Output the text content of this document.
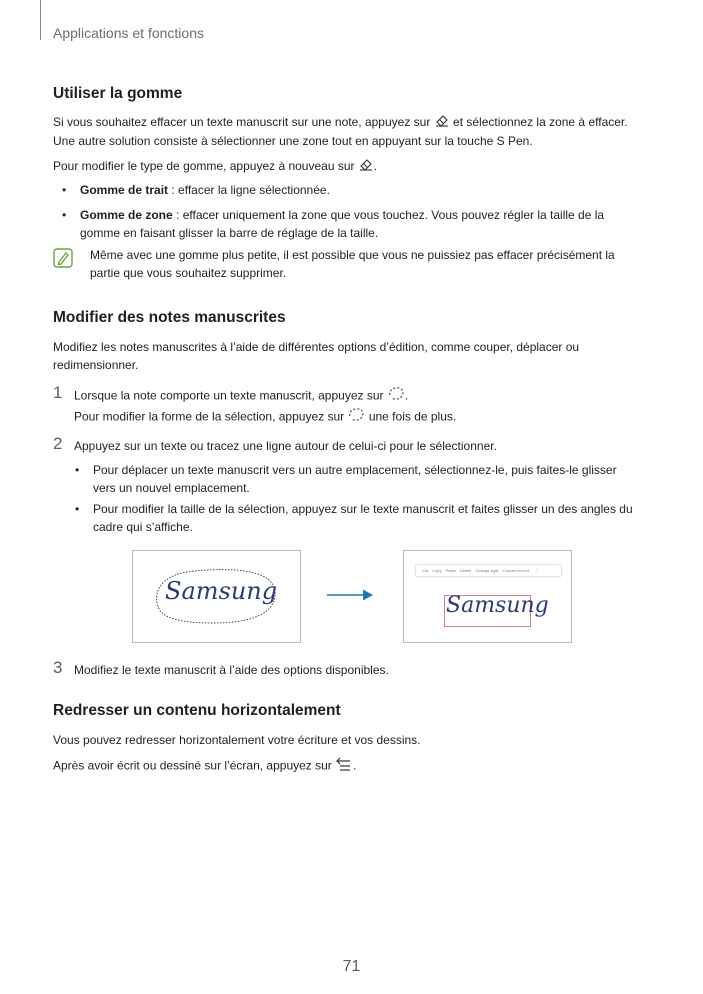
Applications et fonctions
Utiliser la gomme
Si vous souhaitez effacer un texte manuscrit sur une note, appuyez sur et sélectionnez la zone à effacer.
Une autre solution consiste à sélectionner une zone tout en appuyant sur la touche S Pen.
Pour modifier le type de gomme, appuyez à nouveau sur .
• Gomme de trait : effacer la ligne sélectionnée.
• Gomme de zone : effacer uniquement la zone que vous touchez. Vous pouvez régler la taille de la
gomme en faisant glisser la barre de réglage de la taille.
Même avec une gomme plus petite, il est possible que vous ne puissiez pas effacer précisément la
partie que vous souhaitez supprimer.
Modifier des notes manuscrites
Modifiez les notes manuscrites à l’aide de différentes options d’édition, comme couper, déplacer ou
redimensionner.
1 Lorsque la note comporte un texte manuscrit, appuyez sur .
Pour modifier la forme de la sélection, appuyez sur une fois de plus.
2 Appuyez sur un texte ou tracez une ligne autour de celui-ci pour le sélectionner.
• Pour déplacer un texte manuscrit vers un autre emplacement, sélectionnez-le, puis faites-le glisser
vers un nouvel emplacement.
• Pour modifier la taille de la sélection, appuyez sur le texte manuscrit et faites glisser un des angles du
cadre qui s’affiche.
Samsung
Cut Copy Paste Delete Change style Convert to text ⋮
Samsung
3 Modifiez le texte manuscrit à l’aide des options disponibles.
Redresser un contenu horizontalement
Vous pouvez redresser horizontalement votre écriture et vos dessins.
Après avoir écrit ou dessiné sur l’écran, appuyez sur .
71
